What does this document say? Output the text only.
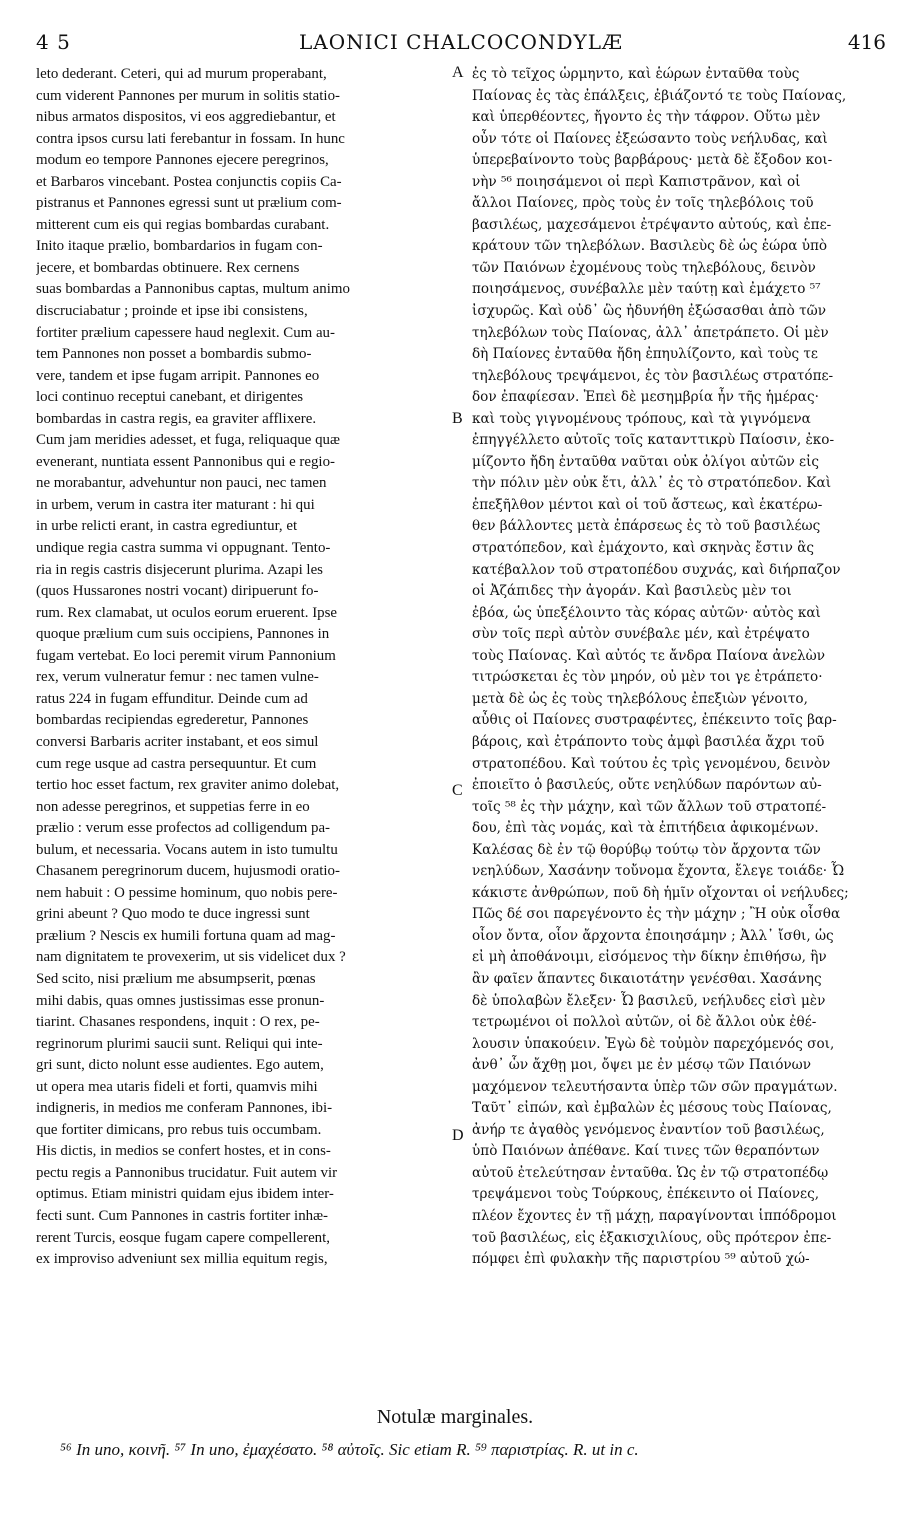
4 5	LAONICI CHALCOCONDYLÆ	416
leto dederant. Ceteri, qui ad murum properabant,
cum viderent Pannones per murum in solitis statio-
nibus armatos dispositos, vi eos aggrediebantur, et
contra ipsos cursu lati ferebantur in fossam. In hunc
modum eo tempore Pannones ejecere peregrinos,
et Barbaros vincebant. Postea conjunctis copiis Ca-
pistranus et Pannones egressi sunt ut prælium com-
mitterent cum eis qui regias bombardas curabant.
Inito itaque prælio, bombardarios in fugam con-
jecere, et bombardas obtinuere. Rex cernens
suas bombardas a Pannonibus captas, multum animo
discruciabatur ; proinde et ipse ibi consistens,
fortiter prælium capessere haud neglexit. Cum au-
tem Pannones non posset a bombardis submo-
vere, tandem et ipse fugam arripit. Pannones eo
loci continuo receptui canebant, et dirigentes
bombardas in castra regis, ea graviter afflixere.
Cum jam meridies adesset, et fuga, reliquaque quæ
evenerant, nuntiata essent Pannonibus qui e regio-
ne morabantur, advehuntur non pauci, nec tamen
in urbem, verum in castra iter maturant : hi qui
in urbe relicti erant, in castra egrediuntur, et
undique regia castra summa vi oppugnant. Tento-
ria in regis castris disjecerunt plurima. Azapi les
(quos Hussarones nostri vocant) diripuerunt fo-
rum. Rex clamabat, ut oculos eorum eruerent. Ipse
quoque prælium cum suis occipiens, Pannones in
fugam vertebat. Eo loci peremit virum Pannonium
rex, verum vulneratur femur : nec tamen vulne-
ratus 224 in fugam effunditur. Deinde cum ad
bombardas recipiendas egrederetur, Pannones
conversi Barbaris acriter instabant, et eos simul
cum rege usque ad castra persequuntur. Et cum
tertio hoc esset factum, rex graviter animo dolebat,
non adesse peregrinos, et suppetias ferre in eo
prælio : verum esse profectos ad colligendum pa-
bulum, et necessaria. Vocans autem in isto tumultu
Chasanem peregrinorum ducem, hujusmodi oratio-
nem habuit : O pessime hominum, quo nobis pere-
grini abeunt ? Quo modo te duce ingressi sunt
prælium ? Nescis ex humili fortuna quam ad mag-
nam dignitatem te provexerim, ut sis videlicet dux ?
Sed scito, nisi prælium me absumpserit, pœnas
mihi dabis, quas omnes justissimas esse pronun-
tiarint. Chasanes respondens, inquit : O rex, pe-
regrinorum plurimi saucii sunt. Reliqui qui inte-
gri sunt, dicto nolunt esse audientes. Ego autem,
ut opera mea utaris fideli et forti, quamvis mihi
indigneris, in medios me conferam Pannones, ibi-
que fortiter dimicans, pro rebus tuis occumbam.
His dictis, in medios se confert hostes, et in cons-
pectu regis a Pannonibus trucidatur. Fuit autem vir
optimus. Etiam ministri quidam ejus ibidem inter-
fecti sunt. Cum Pannones in castris fortiter inhæ-
rerent Turcis, eosque fugam capere compellerent,
ex improviso adveniunt sex millia equitum regis,
ἐς τὸ τεῖχος ὡρμηντο, καὶ ἑώρων ἐνταῦθα τοὺς
Παίονας ἐς τὰς ἐπάλξεις, ἐβιάζοντό τε τοὺς Παίονας,
καὶ ὑπερθέοντες, ἤγοντο ἐς τὴν τάφρον. Οὕτω μὲν
οὖν τότε οἱ Παίονες ἐξεώσαντο τοὺς νεήλυδας, καὶ
ὑπερεβαίνοντο τοὺς βαρβάρους· μετὰ δὲ ἔξοδον κοι-
νὴν ⁵⁶ ποιησάμενοι οἱ περὶ Καπιστρᾶνον, καὶ οἱ
ἄλλοι Παίονες, πρὸς τοὺς ἐν τοῖς τηλεβόλοις τοῦ
βασιλέως, μαχεσάμενοι ἐτρέψαντο αὐτούς, καὶ ἐπε-
κράτουν τῶν τηλεβόλων. Βασιλεὺς δὲ ὡς ἑώρα ὑπὸ
τῶν Παιόνων ἐχομένους τοὺς τηλεβόλους, δεινὸν
ποιησάμενος, συνέβαλλε μὲν ταύτῃ καὶ ἐμάχετο ⁵⁷
ἰσχυρῶς. Καὶ οὐδ᾽ ὣς ἠδυνήθη ἐξώσασθαι ἀπὸ τῶν
τηλεβόλων τοὺς Παίονας, ἀλλ᾽ ἀπετράπετο. Οἱ μὲν
δὴ Παίονες ἐνταῦθα ἤδη ἐπηυλίζοντο, καὶ τοὺς τε
τηλεβόλους τρεψάμενοι, ἐς τὸν βασιλέως στρατόπε-
δον ἐπαφίεσαν. Ἐπεὶ δὲ μεσημβρία ἦν τῆς ἡμέρας·
καὶ τοὺς γιγνομένους τρόπους, καὶ τὰ γιγνόμενα
ἐπηγγέλλετο αὐτοῖς τοῖς κατανττικρὺ Παίοσιν, ἐκο-
μίζοντο ἤδη ἐνταῦθα ναῦται οὐκ ὀλίγοι αὐτῶν εἰς
τὴν πόλιν μὲν οὐκ ἔτι, ἀλλ᾽ ἐς τὸ στρατόπεδον. Καὶ
ἐπεξῆλθον μέντοι καὶ οἱ τοῦ ἄστεως, καὶ ἑκατέρω-
θεν βάλλοντες μετὰ ἐπάρσεως ἐς τὸ τοῦ βασιλέως
στρατόπεδον, καὶ ἐμάχοντο, καὶ σκηνὰς ἔστιν ἃς
κατέβαλλον τοῦ στρατοπέδου συχνάς, καὶ διήρπαζον
οἱ Ἀζάπιδες τὴν ἀγοράν. Καὶ βασιλεὺς μὲν τοι
ἐβόα, ὡς ὑπεξέλοιντο τὰς κόρας αὐτῶν· αὐτὸς καὶ
σὺν τοῖς περὶ αὐτὸν συνέβαλε μέν, καὶ ἐτρέψατο
τοὺς Παίονας. Καὶ αὐτός τε ἄνδρα Παίονα ἀνελὼν
τιτρώσκεται ἐς τὸν μηρόν, οὐ μὲν τοι γε ἐτράπετο·
μετὰ δὲ ὡς ἐς τοὺς τηλεβόλους ἐπεξιὼν γένοιτο,
αὖθις οἱ Παίονες συστραφέντες, ἐπέκειντο τοῖς βαρ-
βάροις, καὶ ἐτράποντο τοὺς ἀμφὶ βασιλέα ἄχρι τοῦ
στρατοπέδου. Καὶ τούτου ἐς τρὶς γενομένου, δεινὸν
ἐποιεῖτο ὁ βασιλεύς, οὔτε νεηλύδων παρόντων αὐ-
τοῖς ⁵⁸ ἐς τὴν μάχην, καὶ τῶν ἄλλων τοῦ στρατοπέ-
δου, ἐπὶ τὰς νομάς, καὶ τὰ ἐπιτήδεια ἀφικομένων.
Καλέσας δὲ ἐν τῷ θορύβῳ τούτῳ τὸν ἄρχοντα τῶν
νεηλύδων, Χασάνην τοὔνομα ἔχοντα, ἔλεγε τοιάδε· Ὦ
κάκιστε ἀνθρώπων, ποῦ δὴ ἡμῖν οἴχονται οἱ νεήλυδες;
Πῶς δέ σοι παρεγένοντο ἐς τὴν μάχην ; Ἢ οὐκ οἶσθα
οἷον ὄντα, οἷον ἄρχοντα ἐποιησάμην ; Ἀλλ᾽ ἴσθι, ὡς
εἰ μὴ ἀποθάνοιμι, εἰσόμενος τὴν δίκην ἐπιθήσω, ἣν
ἂν φαῖεν ἅπαντες δικαιοτάτην γενέσθαι. Χασάνης
δὲ ὑπολαβὼν ἔλεξεν· Ὦ βασιλεῦ, νεήλυδες εἰσὶ μὲν
τετρωμένοι οἱ πολλοὶ αὐτῶν, οἱ δὲ ἄλλοι οὐκ ἐθέ-
λουσιν ὑπακούειν. Ἐγὼ δὲ τοὐμὸν παρεχόμενός σοι,
ἀνθ᾽ ὧν ἄχθῃ μοι, ὄψει με ἐν μέσῳ τῶν Παιόνων
μαχόμενον τελευτήσαντα ὑπὲρ τῶν σῶν πραγμάτων.
Ταῦτ᾽ εἰπών, καὶ ἐμβαλὼν ἐς μέσους τοὺς Παίονας,
ἀνήρ τε ἀγαθὸς γενόμενος ἐναντίον τοῦ βασιλέως,
ὑπὸ Παιόνων ἀπέθανε. Καί τινες τῶν θεραπόντων
αὐτοῦ ἐτελεύτησαν ἐνταῦθα. Ὡς ἐν τῷ στρατοπέδῳ
τρεψάμενοι τοὺς Τούρκους, ἐπέκειντο οἱ Παίονες,
πλέον ἔχοντες ἐν τῇ μάχῃ, παραγίνονται ἱππόδρομοι
τοῦ βασιλέως, εἰς ἑξακισχιλίους, οὓς πρότερον ἐπε-
πόμφει ἐπὶ φυλακὴν τῆς παριστρίου ⁵⁹ αὐτοῦ χώ-
A
B
C
D
Notulæ marginales.
⁵⁶ In uno, κοινῆ. ⁵⁷ In uno, ἐμαχέσατο. ⁵⁸ αὐτοῖς. Sic etiam R. ⁵⁹ παριστρίας. R. ut in c.
